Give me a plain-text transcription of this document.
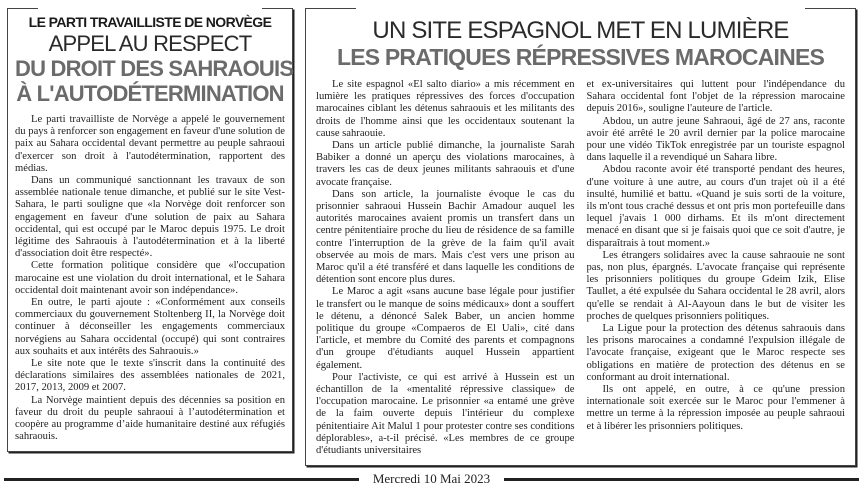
LE PARTI TRAVAILLISTE DE NORVÈGE
APPEL AU RESPECT
DU DROIT DES SAHRAOUIS
À L'AUTODÉTERMINATION

Le parti travailliste de Norvège a appelé le gouvernement du pays à renforcer son engagement en faveur d'une solution de paix au Sahara occidental devant permettre au peuple sahraoui d'exercer son droit à l'autodétermination, rapportent des médias.

Dans un communiqué sanctionnant les travaux de son assemblée nationale tenue dimanche, et publié sur le site Vest-Sahara, le parti souligne que «la Norvège doit renforcer son engagement en faveur d'une solution de paix au Sahara occidental, qui est occupé par le Maroc depuis 1975. Le droit légitime des Sahraouis à l'autodétermination et à la liberté d'association doit être respecté».

Cette formation politique considère que «l'occupation marocaine est une violation du droit international, et le Sahara occidental doit maintenant avoir son indépendance».

En outre, le parti ajoute : «Conformément aux conseils commerciaux du gouvernement Stoltenberg II, la Norvège doit continuer à déconseiller les engagements commerciaux norvégiens au Sahara occidental (occupé) qui sont contraires aux souhaits et aux intérêts des Sahraouis.»

Le site note que le texte s'inscrit dans la continuité des déclarations similaires des assemblées nationales de 2021, 2017, 2013, 2009 et 2007.

La Norvège maintient depuis des décennies sa position en faveur du droit du peuple sahraoui à l’autodétermination et coopère au programme d’aide humanitaire destiné aux réfugiés sahraouis.

UN SITE ESPAGNOL MET EN LUMIÈRE
LES PRATIQUES RÉPRESSIVES MAROCAINES

Le site espagnol «El salto diario» a mis récemment en lumière les pratiques répressives des forces d'occupation marocaines ciblant les détenus sahraouis et les militants des droits de l'homme ainsi que les occidentaux soutenant la cause sahraouie.

Dans un article publié dimanche, la journaliste Sarah Babiker a donné un aperçu des violations marocaines, à travers les cas de deux jeunes militants sahraouis et d'une avocate française.

Dans son article, la journaliste évoque le cas du prisonnier sahraoui Hussein Bachir Amadour auquel les autorités marocaines avaient promis un transfert dans un centre pénitentiaire proche du lieu de résidence de sa famille contre l'interruption de la grève de la faim qu'il avait observée au mois de mars. Mais c'est vers une prison au Maroc qu'il a été transféré et dans laquelle les conditions de détention sont encore plus dures.

Le Maroc a agit «sans aucune base légale pour justifier le transfert ou le manque de soins médicaux» dont a souffert le détenu, a dénoncé Salek Baber, un ancien homme politique du groupe «Compaeros de El Uali», cité dans l'article, et membre du Comité des parents et compagnons d'un groupe d'étudiants auquel Hussein appartient également.

Pour l'activiste, ce qui est arrivé à Hussein est un échantillon de la «mentalité répressive classique» de l'occupation marocaine. Le prisonnier «a entamé une grève de la faim ouverte depuis l'intérieur du complexe pénitentiaire Ait Malul 1 pour protester contre ses conditions déplorables», a-t-il précisé. «Les membres de ce groupe d'étudiants universitaires

et ex-universitaires qui luttent pour l'indépendance du Sahara occidental font l'objet de la répression marocaine depuis 2016», souligne l'auteure de l'article.

Abdou, un autre jeune Sahraoui, âgé de 27 ans, raconte avoir été arrêté le 20 avril dernier par la police marocaine pour une vidéo TikTok enregistrée par un touriste espagnol dans laquelle il a revendiqué un Sahara libre.

Abdou raconte avoir été transporté pendant des heures, d'une voiture à une autre, au cours d'un trajet où il a été insulté, humilié et battu. «Quand je suis sorti de la voiture, ils m'ont tous craché dessus et ont pris mon portefeuille dans lequel j'avais 1 000 dirhams. Et ils m'ont directement menacé en disant que si je faisais quoi que ce soit d'autre, je disparaîtrais à tout moment.»

Les étrangers solidaires avec la cause sahraouie ne sont pas, non plus, épargnés. L'avocate française qui représente les prisonniers politiques du groupe Gdeim Izik, Elise Taullet, a été expulsée du Sahara occidental le 28 avril, alors qu'elle se rendait à Al-Aayoun dans le but de visiter les proches de quelques prisonniers politiques.

La Ligue pour la protection des détenus sahraouis dans les prisons marocaines a condamné l'expulsion illégale de l'avocate française, exigeant que le Maroc respecte ses obligations en matière de protection des détenus en se conformant au droit international.

Ils ont appelé, en outre, à ce qu'une pression internationale soit exercée sur le Maroc pour l'emmener à mettre un terme à la répression imposée au peuple sahraoui et à libérer les prisonniers politiques.

Mercredi 10 Mai 2023
